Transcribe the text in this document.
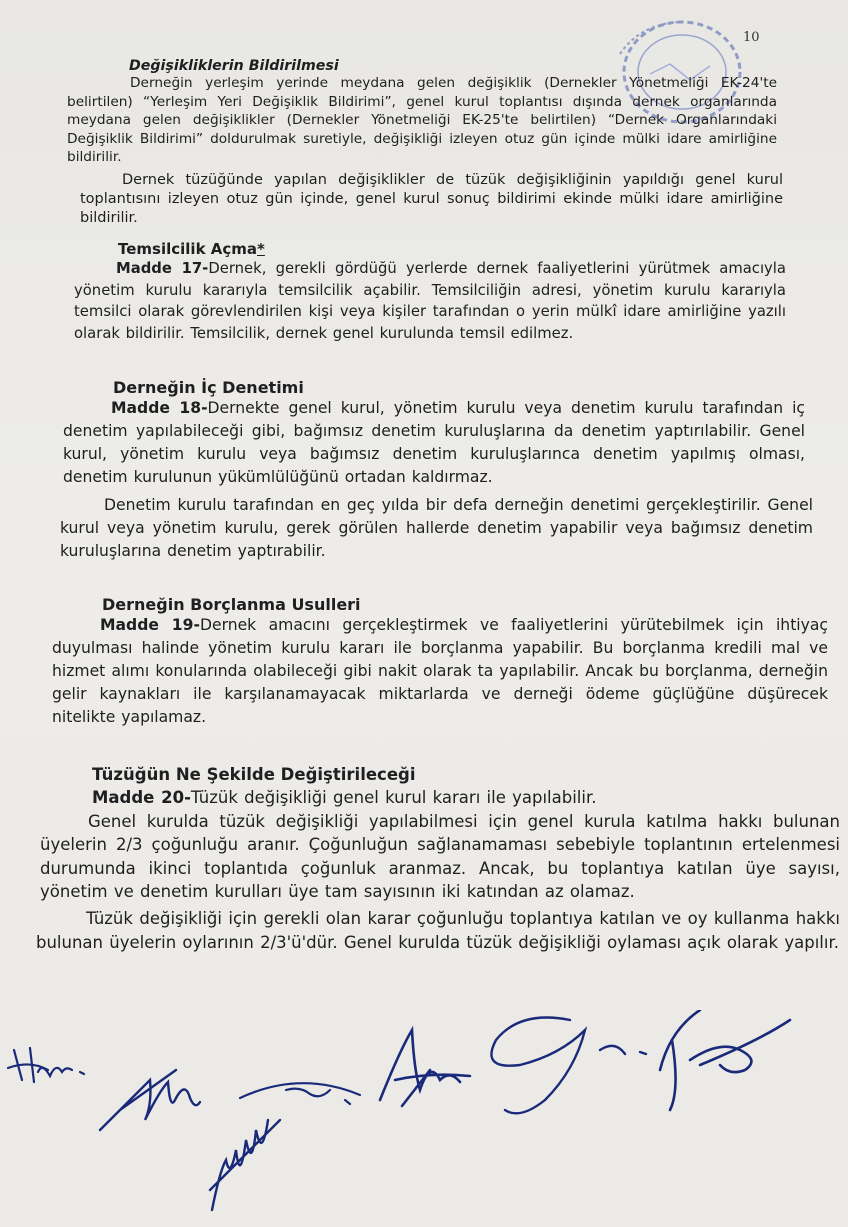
10
Değişikliklerin Bildirilmesi

Derneğin yerleşim yerinde meydana gelen değişiklik (Dernekler Yönetmeliği EK-24'te belirtilen) “Yerleşim Yeri Değişiklik Bildirimi”, genel kurul toplantısı dışında dernek organlarında meydana gelen değişiklikler (Dernekler Yönetmeliği EK-25'te belirtilen) “Dernek Organlarındaki Değişiklik Bildirimi” doldurulmak suretiyle, değişikliği izleyen otuz gün içinde mülki idare amirliğine bildirilir.

Dernek tüzüğünde yapılan değişiklikler de tüzük değişikliğinin yapıldığı genel kurul toplantısını izleyen otuz gün içinde, genel kurul sonuç bildirimi ekinde mülki idare amirliğine bildirilir.

Temsilcilik Açma*

Madde 17-Dernek, gerekli gördüğü yerlerde dernek faaliyetlerini yürütmek amacıyla yönetim kurulu kararıyla temsilcilik açabilir. Temsilciliğin adresi, yönetim kurulu kararıyla temsilci olarak görevlendirilen kişi veya kişiler tarafından o yerin mülkî idare amirliğine yazılı olarak bildirilir. Temsilcilik, dernek genel kurulunda temsil edilmez.

Derneğin İç Denetimi

Madde 18-Dernekte genel kurul, yönetim kurulu veya denetim kurulu tarafından iç denetim yapılabileceği gibi, bağımsız denetim kuruluşlarına da denetim yaptırılabilir. Genel kurul, yönetim kurulu veya bağımsız denetim kuruluşlarınca denetim yapılmış olması, denetim kurulunun yükümlülüğünü ortadan kaldırmaz.

Denetim kurulu tarafından en geç yılda bir defa derneğin denetimi gerçekleştirilir. Genel kurul veya yönetim kurulu, gerek görülen hallerde denetim yapabilir veya bağımsız denetim kuruluşlarına denetim yaptırabilir.

Derneğin Borçlanma Usulleri

Madde 19-Dernek amacını gerçekleştirmek ve faaliyetlerini yürütebilmek için ihtiyaç duyulması halinde yönetim kurulu kararı ile borçlanma yapabilir. Bu borçlanma kredili mal ve hizmet alımı konularında olabileceği gibi nakit olarak ta yapılabilir. Ancak bu borçlanma, derneğin gelir kaynakları ile karşılanamayacak miktarlarda ve derneği ödeme güçlüğüne düşürecek nitelikte yapılamaz.

Tüzüğün Ne Şekilde Değiştirileceği

Madde 20-Tüzük değişikliği genel kurul kararı ile yapılabilir.

Genel kurulda tüzük değişikliği yapılabilmesi için genel kurula katılma hakkı bulunan üyelerin 2/3 çoğunluğu aranır. Çoğunluğun sağlanamaması sebebiyle toplantının ertelenmesi durumunda ikinci toplantıda çoğunluk aranmaz. Ancak, bu toplantıya katılan üye sayısı, yönetim ve denetim kurulları üye tam sayısının iki katından az olamaz.

Tüzük değişikliği için gerekli olan karar çoğunluğu toplantıya katılan ve oy kullanma hakkı bulunan üyelerin oylarının 2/3'ü'dür. Genel kurulda tüzük değişikliği oylaması açık olarak yapılır.
